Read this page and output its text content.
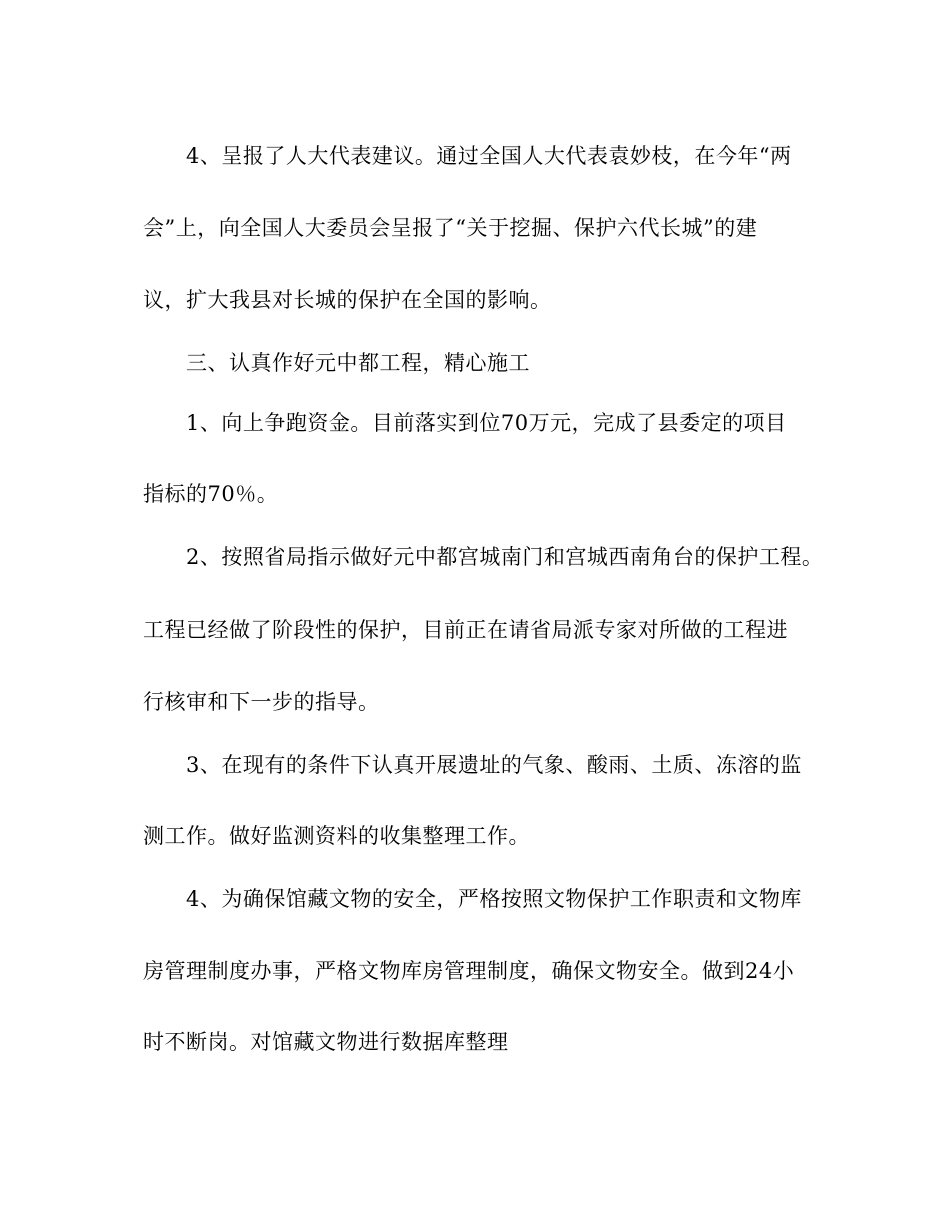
4、呈报了人大代表建议。通过全国人大代表袁妙枝，在今年“两
会”上，向全国人大委员会呈报了“关于挖掘、保护六代长城”的建
议，扩大我县对长城的保护在全国的影响。
三、认真作好元中都工程，精心施工
1、向上争跑资金。目前落实到位70万元，完成了县委定的项目
指标的70％。
2、按照省局指示做好元中都宫城南门和宫城西南角台的保护工程。
工程已经做了阶段性的保护，目前正在请省局派专家对所做的工程进
行核审和下一步的指导。
3、在现有的条件下认真开展遗址的气象、酸雨、土质、冻溶的监
测工作。做好监测资料的收集整理工作。
4、为确保馆藏文物的安全，严格按照文物保护工作职责和文物库
房管理制度办事，严格文物库房管理制度，确保文物安全。做到24小
时不断岗。对馆藏文物进行数据库整理
